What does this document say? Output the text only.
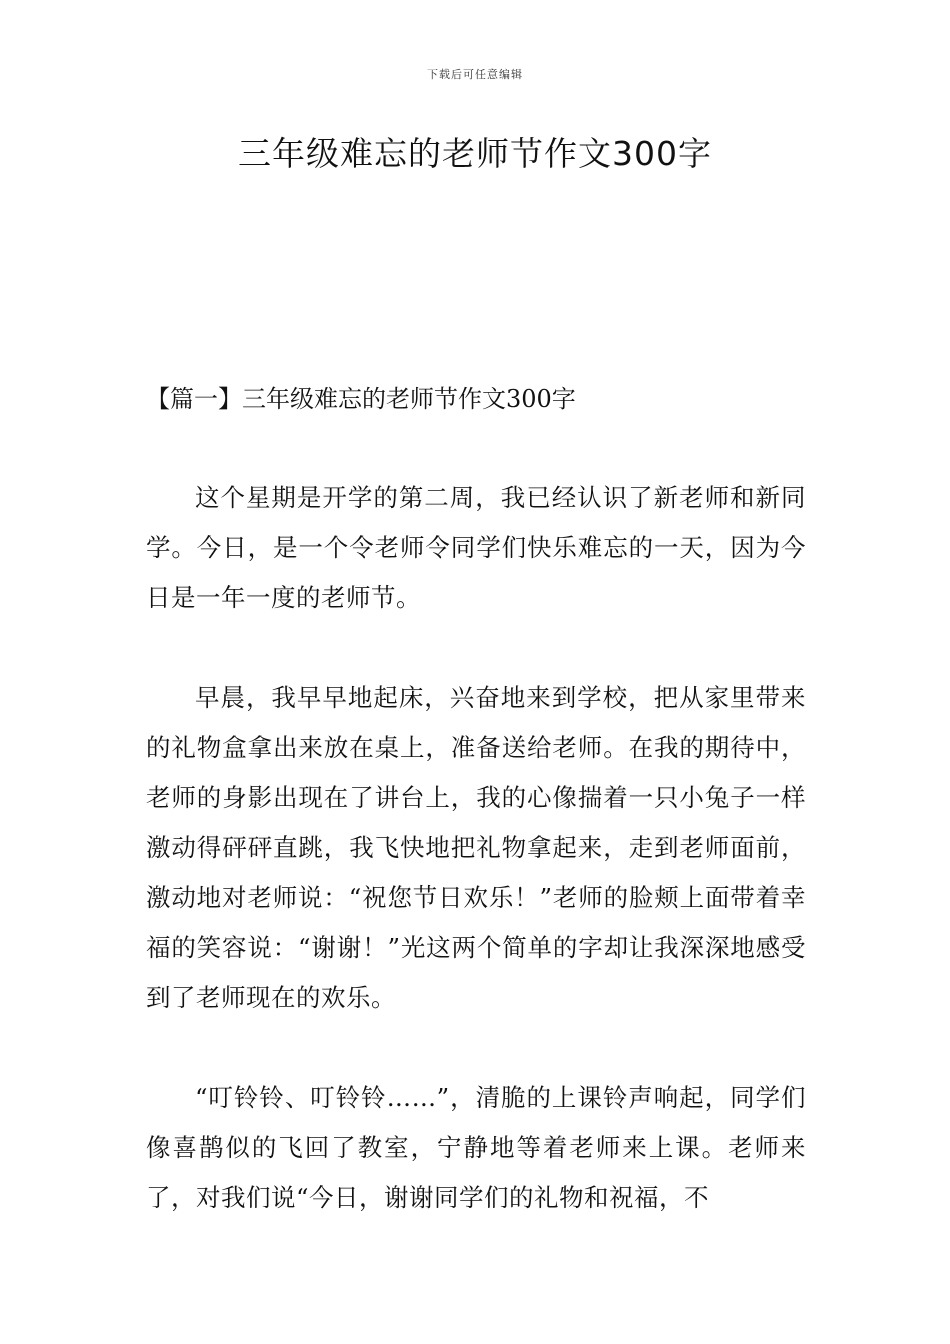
下载后可任意编辑
三年级难忘的老师节作文300字
【篇一】三年级难忘的老师节作文300字

这个星期是开学的第二周，我已经认识了新老师和新同学。今日，是一个令老师令同学们快乐难忘的一天，因为今日是一年一度的老师节。

早晨，我早早地起床，兴奋地来到学校，把从家里带来的礼物盒拿出来放在桌上，准备送给老师。在我的期待中，老师的身影出现在了讲台上，我的心像揣着一只小兔子一样激动得砰砰直跳，我飞快地把礼物拿起来，走到老师面前，激动地对老师说：“祝您节日欢乐！”老师的脸颊上面带着幸福的笑容说：“谢谢！”光这两个简单的字却让我深深地感受到了老师现在的欢乐。

“叮铃铃、叮铃铃……”，清脆的上课铃声响起，同学们像喜鹊似的飞回了教室，宁静地等着老师来上课。老师来了，对我们说“今日，谢谢同学们的礼物和祝福，不
